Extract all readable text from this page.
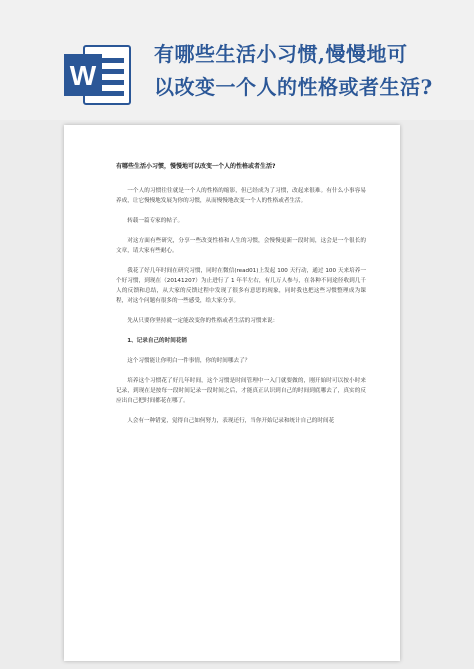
W
有哪些生活小习惯,慢慢地可
以改变一个人的性格或者生活?
有哪些生活小习惯，慢慢地可以改变一个人的性格或者生活?

一个人的习惯往往就是一个人的性格的缩影，但已经成为了习惯，改起来很难。有什么小事容易养成，让它慢慢地发展为你的习惯，从而慢慢地改变一个人的性格或者生活。

转载一篇专家的帖子。

对这方面有些研究，分享一些改变性格和人生的习惯，会慢慢更新一段时间，这会是一个很长的文章，请大家有些耐心。

我花了好几年时间在研究习惯，同时在微信(read01)上发起 100 天行动，通过 100 天来培养一个好习惯，到现在（20141207）为止进行了 1 年半左右，有几万人参与，在各种不同途径收到几千人的反馈和总结，从大家的反馈过程中发现了很多有意思的现象，同时我也把这些习惯整理成为课程，对这个问题有很多的一些感受，给大家分享。

先从只要你坚持就一定能改变你的性格或者生活的习惯来说：

1、记录自己的时间花销

这个习惯能让你明白一件事情，你的时间哪去了？

培养这个习惯花了好几年时间，这个习惯是时间管理中一入门就要做的，刚开始时可以按小时来记录，到现在是按每一段时间记录一段时间之后，才能真正认识到自己的时间到底哪去了，真实的反应出自己把时间都花在哪了。

人会有一种错觉，觉得自己如何努力，表现还行，当你开始记录和统计自己的时间花
